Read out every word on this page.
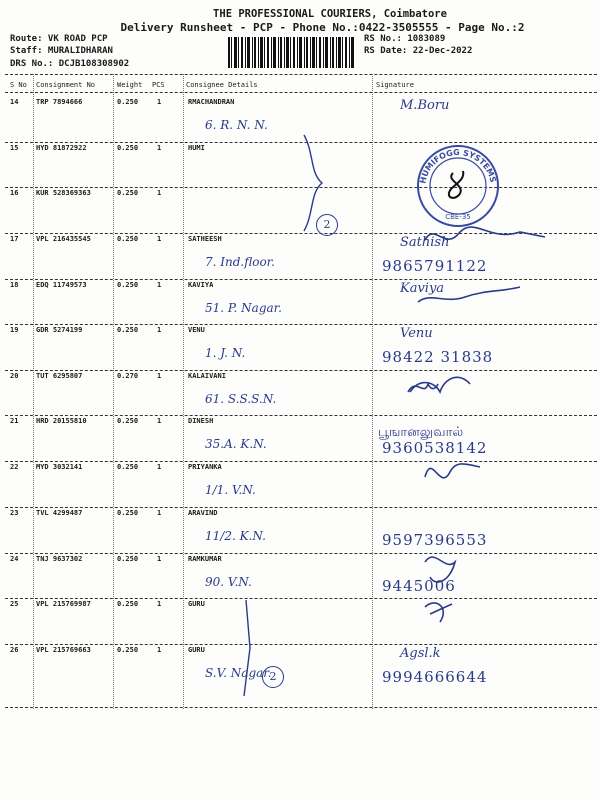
THE PROFESSIONAL COURIERS, Coimbatore
Delivery Runsheet - PCP - Phone No.:0422-3505555 - Page No.:2
Route: VK ROAD PCP
Staff: MURALIDHARAN
DRS No.: DCJB108308902
RS No.: 1083089
RS Date: 22-Dec-2022
S No Consignment No	Weight PCS	Consignee Details	Signature
14	TRP 7894666	0.250	1	RMACHANDRAN
6. R. N. N.
M.Boru
15	HYD 81872922	0.250	1	HUMI
16	KUR 528369363	0.250	1
17	VPL 216435545	0.250	1	SATHEESH
7. Ind.floor.
Sathish
9865791122
18	EDQ 11749573	0.250	1	KAVIYA
51. P. Nagar.
Kaviya
19	GDR 5274199	0.250	1	VENU
1. J. N.
Venu
98422 31838
20	TUT 6295807	0.270	1	KALAIVANI
61. S.S.S.N.
21	HRD 20155810	0.250	1	DINESH
35.A. K.N.	9360538142
22	MYD 3032141	0.250	1	PRIYANKA
1/1. V.N.
23	TVL 4299487	0.250	1	ARAVIND
11/2. K.N.	9597396553
24	TNJ 9637302	0.250	1	RAMKUMAR
90. V.N.	9445006
25	VPL 215769987	0.250	1	GURU
26	VPL 215769663	0.250	1	GURU
S.V. Nagar.
Agsl.k
9994666644
2
2
பூஙானலுவால்
HUMIFOGG SYSTEMS
CBE-35
